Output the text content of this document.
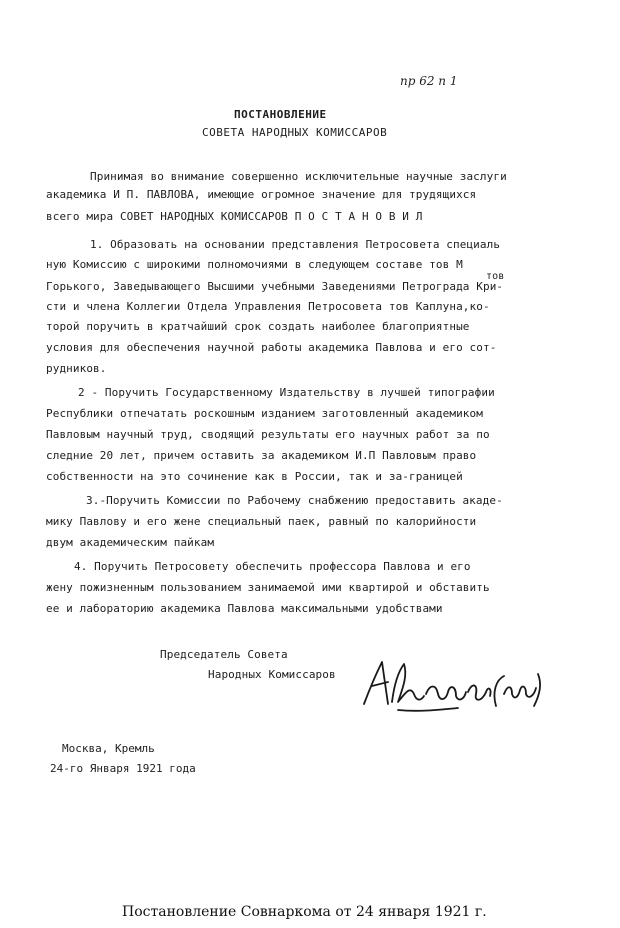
пр 62 п 1
ПОСТАНОВЛЕНИЕ
СОВЕТА НАРОДНЫХ КОМИССАРОВ
Принимая во внимание совершенно исключительные научные заслуги
академика И П. ПАВЛОВА, имеющие огромное значение для трудящихся
всего мира СОВЕТ НАРОДНЫХ КОМИССАРОВ П О С Т А Н О В И Л
1. Образовать на основании представления Петросовета специаль
ную Комиссию с широкими полномочиями в следующем составе тов М
тов
Горького, Заведывающего Высшими учебными Заведениями Петрограда Кри-
сти и члена Коллегии Отдела Управления Петросовета тов Каплуна,ко-
торой поручить в кратчайший срок создать наиболее благоприятные
условия для обеспечения научной работы академика Павлова и его сот-
рудников.
2 - Поручить Государственному Издательству в лучшей типографии
Республики отпечатать роскошным изданием заготовленный академиком
Павловым научный труд, сводящий результаты его научных работ за по
следние 20 лет, причем оставить за академиком И.П Павловым право
собственности на это сочинение как в России, так и за-границей
3.-Поручить Комиссии по Рабочему снабжению предоставить акаде-
мику Павлову и его жене специальный паек, равный по калорийности
двум академическим пайкам
4. Поручить Петросовету обеспечить профессора Павлова и его
жену пожизненным пользованием занимаемой ими квартирой и обставить
ее и лабораторию академика Павлова максимальными удобствами
Председатель Совета
Народных Комиссаров
Москва, Кремль
24-го Января 1921 года
Постановление Совнаркома от 24 января 1921 г.
